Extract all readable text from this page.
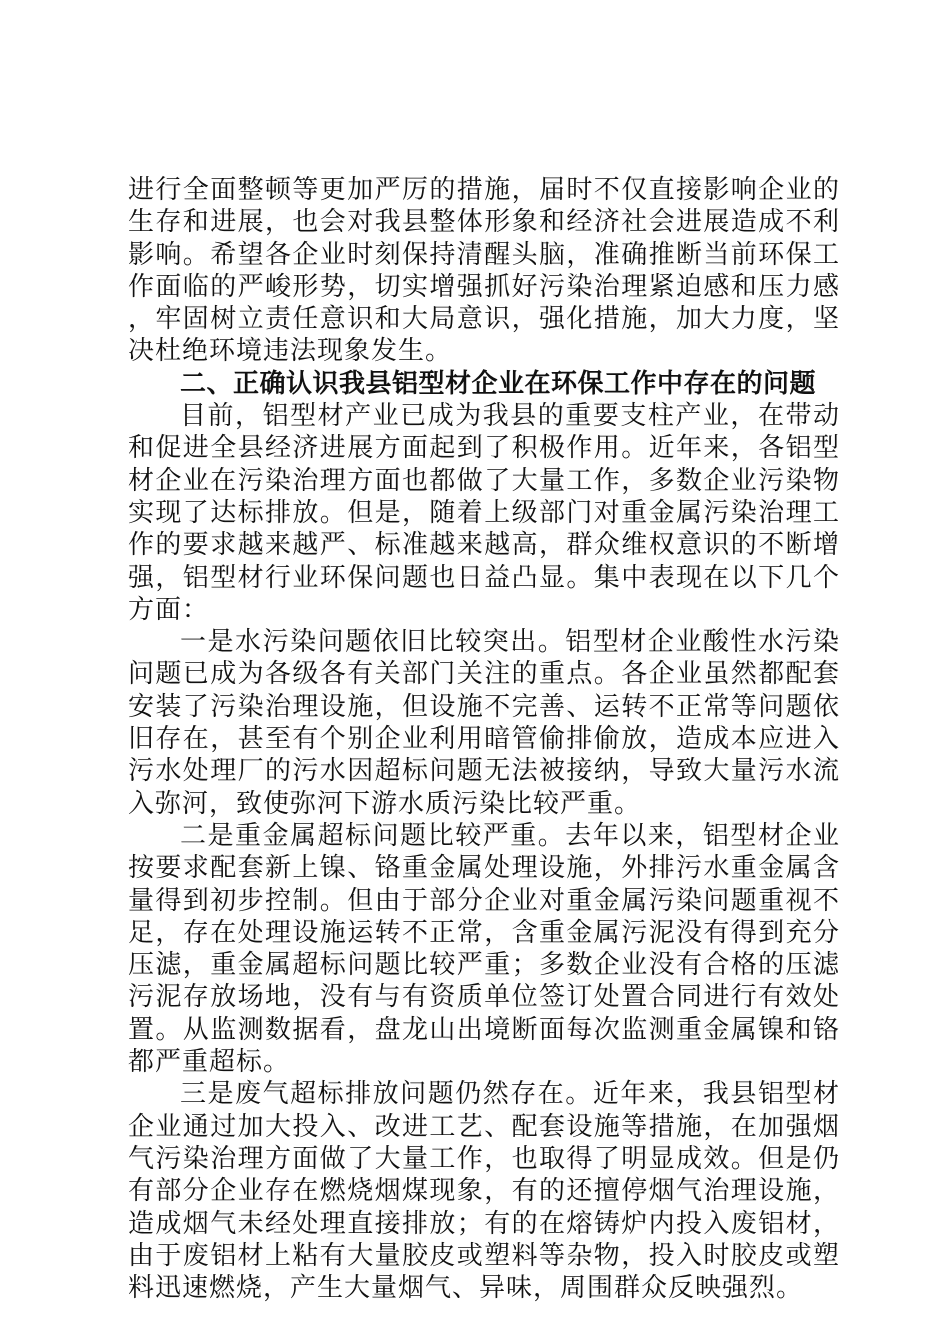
进行全面整顿等更加严厉的措施，届时不仅直接影响企业的生存和进展，也会对我县整体形象和经济社会进展造成不利影响。希望各企业时刻保持清醒头脑，准确推断当前环保工作面临的严峻形势，切实增强抓好污染治理紧迫感和压力感，牢固树立责任意识和大局意识，强化措施，加大力度，坚决杜绝环境违法现象发生。

二、正确认识我县铝型材企业在环保工作中存在的问题

目前，铝型材产业已成为我县的重要支柱产业，在带动和促进全县经济进展方面起到了积极作用。近年来，各铝型材企业在污染治理方面也都做了大量工作，多数企业污染物实现了达标排放。但是，随着上级部门对重金属污染治理工作的要求越来越严、标准越来越高，群众维权意识的不断增强，铝型材行业环保问题也日益凸显。集中表现在以下几个方面：

一是水污染问题依旧比较突出。铝型材企业酸性水污染问题已成为各级各有关部门关注的重点。各企业虽然都配套安装了污染治理设施，但设施不完善、运转不正常等问题依旧存在，甚至有个别企业利用暗管偷排偷放，造成本应进入污水处理厂的污水因超标问题无法被接纳，导致大量污水流入弥河，致使弥河下游水质污染比较严重。

二是重金属超标问题比较严重。去年以来，铝型材企业按要求配套新上镍、铬重金属处理设施，外排污水重金属含量得到初步控制。但由于部分企业对重金属污染问题重视不足，存在处理设施运转不正常，含重金属污泥没有得到充分压滤，重金属超标问题比较严重；多数企业没有合格的压滤污泥存放场地，没有与有资质单位签订处置合同进行有效处置。从监测数据看，盘龙山出境断面每次监测重金属镍和铬都严重超标。

三是废气超标排放问题仍然存在。近年来，我县铝型材企业通过加大投入、改进工艺、配套设施等措施，在加强烟气污染治理方面做了大量工作，也取得了明显成效。但是仍有部分企业存在燃烧烟煤现象，有的还擅停烟气治理设施，造成烟气未经处理直接排放；有的在熔铸炉内投入废铝材，由于废铝材上粘有大量胶皮或塑料等杂物，投入时胶皮或塑料迅速燃烧，产生大量烟气、异味，周围群众反映强烈。
